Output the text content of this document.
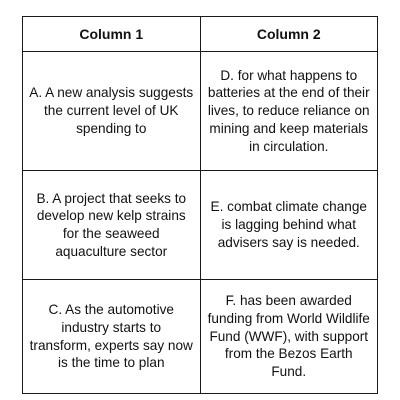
Column 1	Column 2
A. A new analysis suggests the current level of UK spending to	D. for what happens to batteries at the end of their lives, to reduce reliance on mining and keep materials in circulation.
B. A project that seeks to develop new kelp strains for the seaweed aquaculture sector	E. combat climate change is lagging behind what advisers say is needed.
C. As the automotive industry starts to transform, experts say now is the time to plan	F. has been awarded funding from World Wildlife Fund (WWF), with support from the Bezos Earth Fund.
